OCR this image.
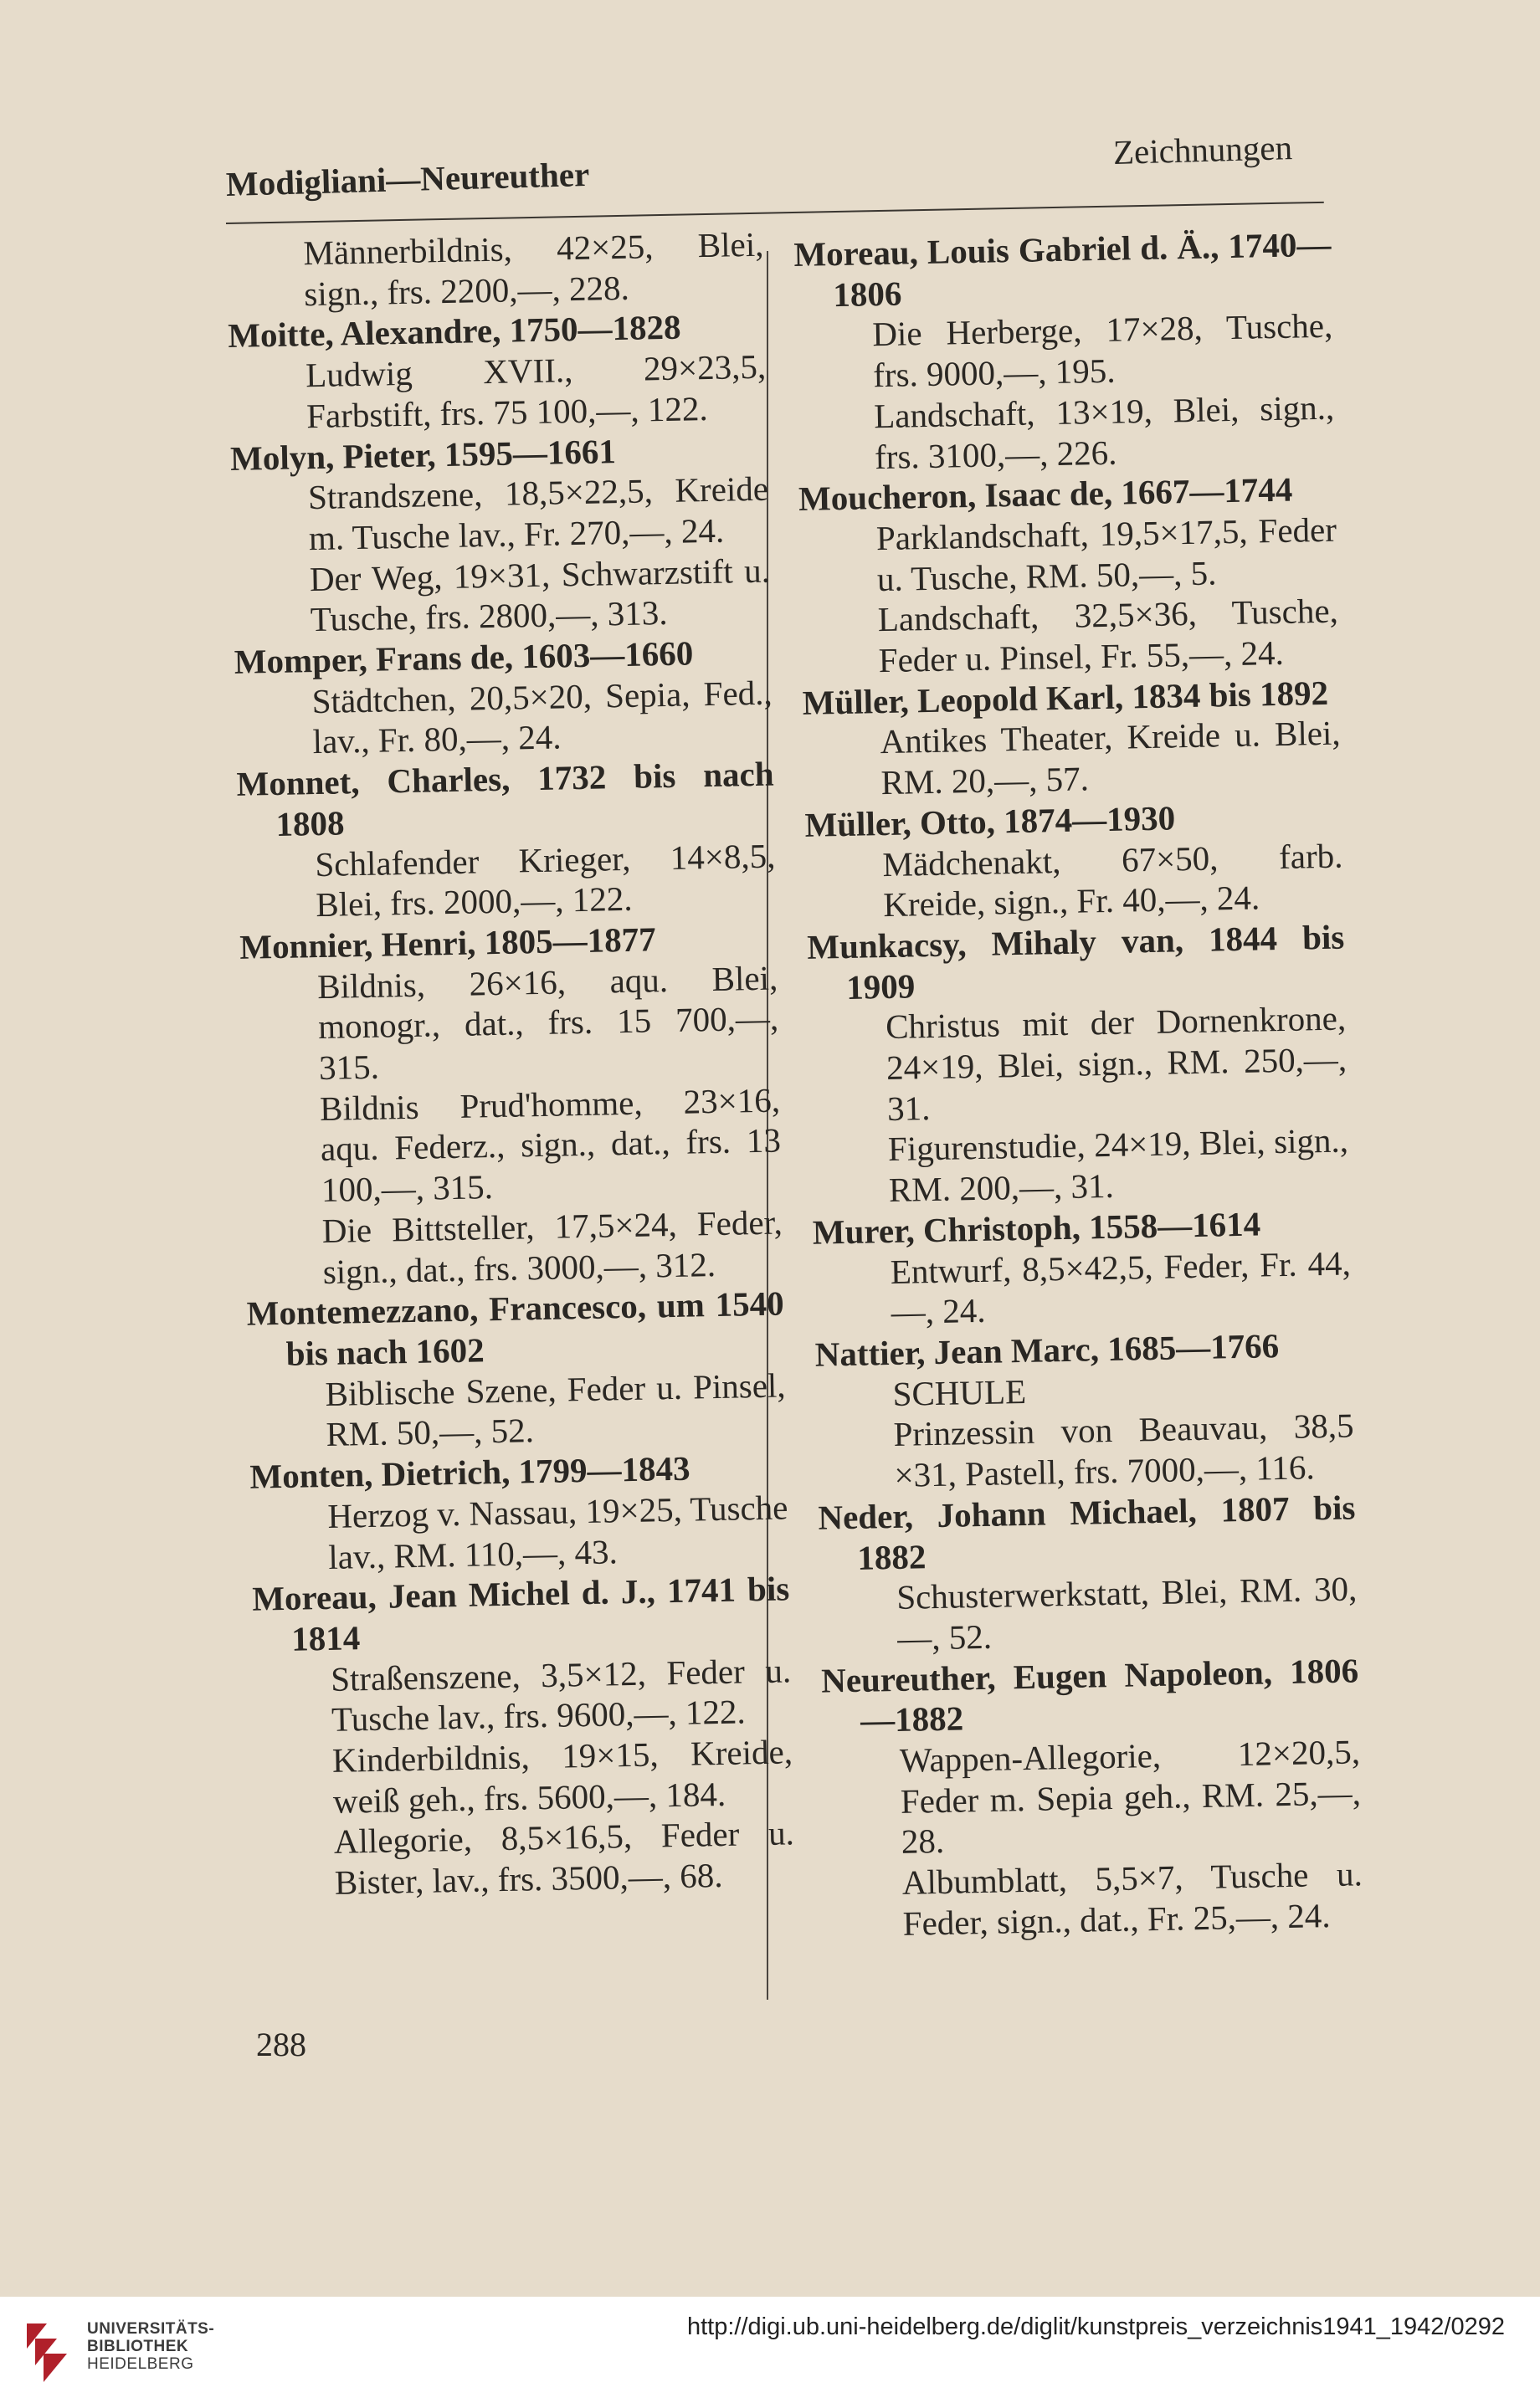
Modigliani—Neureuther
Zeichnungen
Männerbildnis, 42×25, Blei, sign., frs. 2200,—, 228.
Moitte, Alexandre, 1750—1828
Ludwig XVII., 29×23,5, Farbstift, frs. 75 100,—, 122.
Molyn, Pieter, 1595—1661
Strandszene, 18,5×22,5, Kreide m. Tusche lav., Fr. 270,—, 24.
Der Weg, 19×31, Schwarzstift u. Tusche, frs. 2800,—, 313.
Momper, Frans de, 1603—1660
Städtchen, 20,5×20, Sepia, Fed., lav., Fr. 80,—, 24.
Monnet, Charles, 1732 bis nach 1808
Schlafender Krieger, 14×8,5, Blei, frs. 2000,—, 122.
Monnier, Henri, 1805—1877
Bildnis, 26×16, aqu. Blei, monogr., dat., frs. 15 700,—, 315.
Bildnis Prud'homme, 23×16, aqu. Federz., sign., dat., frs. 13 100,—, 315.
Die Bittsteller, 17,5×24, Feder, sign., dat., frs. 3000,—, 312.
Montemezzano, Francesco, um 1540 bis nach 1602
Biblische Szene, Feder u. Pinsel, RM. 50,—, 52.
Monten, Dietrich, 1799—1843
Herzog v. Nassau, 19×25, Tusche lav., RM. 110,—, 43.
Moreau, Jean Michel d. J., 1741 bis 1814
Straßenszene, 3,5×12, Feder u. Tusche lav., frs. 9600,—, 122.
Kinderbildnis, 19×15, Kreide, weiß geh., frs. 5600,—, 184.
Allegorie, 8,5×16,5, Feder u. Bister, lav., frs. 3500,—, 68.
Moreau, Louis Gabriel d. Ä., 1740—1806
Die Herberge, 17×28, Tusche, frs. 9000,—, 195.
Landschaft, 13×19, Blei, sign., frs. 3100,—, 226.
Moucheron, Isaac de, 1667—1744
Parklandschaft, 19,5×17,5, Feder u. Tusche, RM. 50,—, 5.
Landschaft, 32,5×36, Tusche, Feder u. Pinsel, Fr. 55,—, 24.
Müller, Leopold Karl, 1834 bis 1892
Antikes Theater, Kreide u. Blei, RM. 20,—, 57.
Müller, Otto, 1874—1930
Mädchenakt, 67×50, farb. Kreide, sign., Fr. 40,—, 24.
Munkacsy, Mihaly van, 1844 bis 1909
Christus mit der Dornenkrone, 24×19, Blei, sign., RM. 250,—, 31.
Figurenstudie, 24×19, Blei, sign., RM. 200,—, 31.
Murer, Christoph, 1558—1614
Entwurf, 8,5×42,5, Feder, Fr. 44,—, 24.
Nattier, Jean Marc, 1685—1766
SCHULE
Prinzessin von Beauvau, 38,5 ×31, Pastell, frs. 7000,—, 116.
Neder, Johann Michael, 1807 bis 1882
Schusterwerkstatt, Blei, RM. 30,—, 52.
Neureuther, Eugen Napoleon, 1806—1882
Wappen-Allegorie, 12×20,5, Feder m. Sepia geh., RM. 25,—, 28.
Albumblatt, 5,5×7, Tusche u. Feder, sign., dat., Fr. 25,—, 24.
288
UNIVERSITÄTS-
BIBLIOTHEK
HEIDELBERG
http://digi.ub.uni-heidelberg.de/diglit/kunstpreis_verzeichnis1941_1942/0292
